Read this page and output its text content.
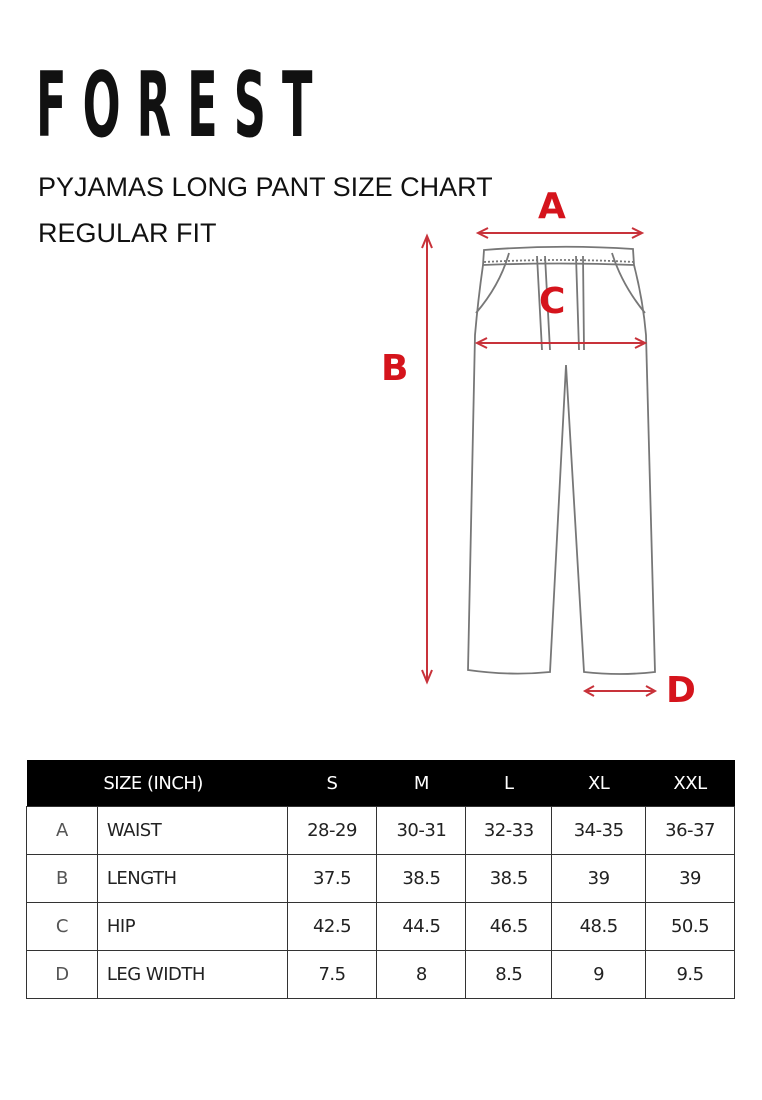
FOREST
PYJAMAS LONG PANT SIZE CHART
REGULAR FIT
A
B
C
D
	SIZE (INCH)	S	M	L	XL	XXL
A	WAIST	28-29	30-31	32-33	34-35	36-37
B	LENGTH	37.5	38.5	38.5	39	39
C	HIP	42.5	44.5	46.5	48.5	50.5
D	LEG WIDTH	7.5	8	8.5	9	9.5
